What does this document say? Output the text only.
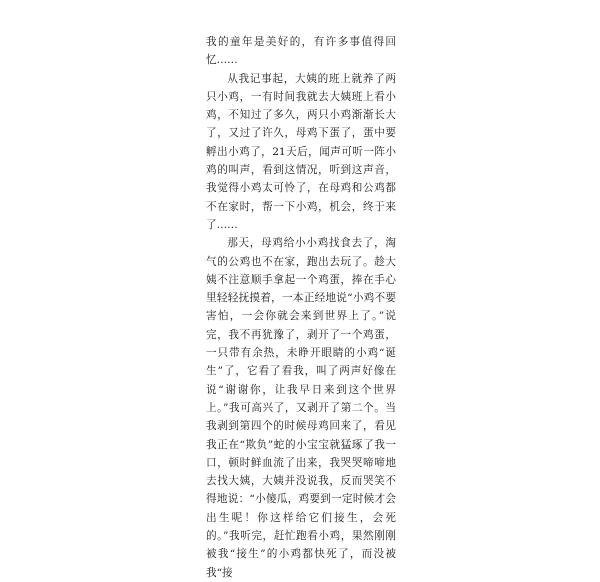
我的童年是美好的，有许多事值得回忆……

从我记事起，大姨的班上就养了两只小鸡，一有时间我就去大姨班上看小鸡，不知过了多久，两只小鸡渐渐长大了，又过了许久，母鸡下蛋了，蛋中要孵出小鸡了，21天后，闻声可听一阵小鸡的叫声，看到这情况，听到这声音，我觉得小鸡太可怜了，在母鸡和公鸡都不在家时，帮一下小鸡，机会，终于来了……

那天，母鸡给小小鸡找食去了，淘气的公鸡也不在家，跑出去玩了。趁大姨不注意顺手拿起一个鸡蛋，捧在手心里轻轻抚摸着，一本正经地说“小鸡不要害怕，一会你就会来到世界上了。”说完，我不再犹豫了，剥开了一个鸡蛋，一只带有余热，未睁开眼睛的小鸡“诞生”了，它看了看我，叫了两声好像在说“谢谢你，让我早日来到这个世界上。”我可高兴了，又剥开了第二个。当我剥到第四个的时候母鸡回来了，看见我正在“欺负”蛇的小宝宝就猛琢了我一口，顿时鲜血流了出来，我哭哭啼啼地去找大姨，大姨并没说我，反而哭笑不得地说：“小傻瓜，鸡要到一定时候才会出生呢！你这样给它们接生，会死的。”我听完，赶忙跑看小鸡，果然刚刚被我“接生”的小鸡都快死了，而没被我“接
